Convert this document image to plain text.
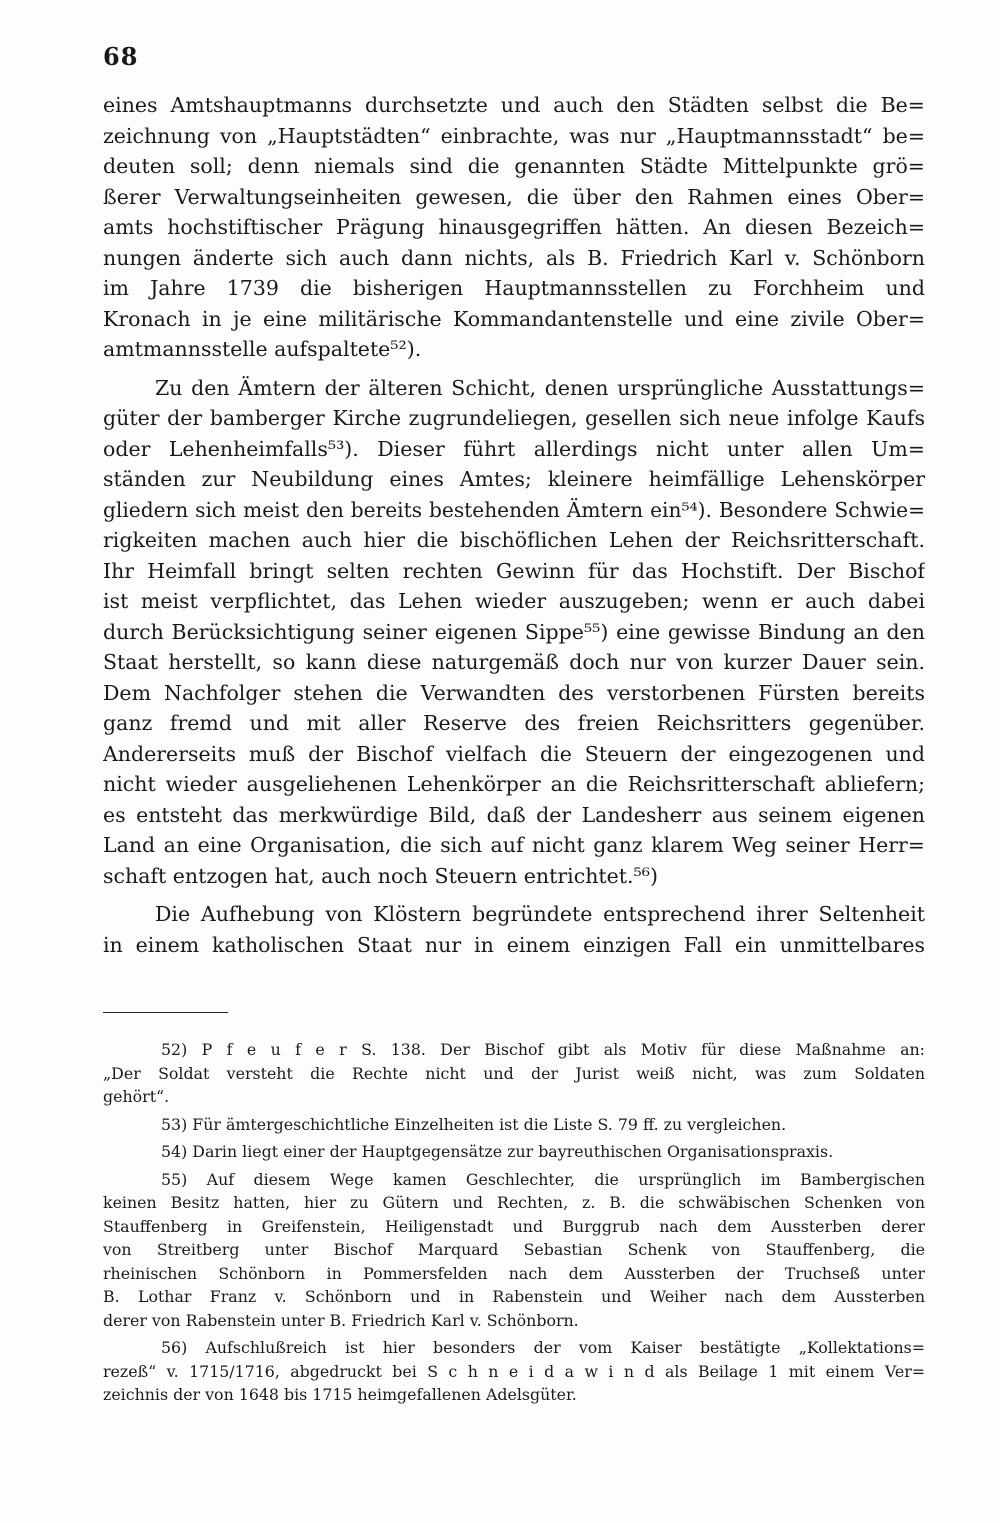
68
eines Amtshauptmanns durchsetzte und auch den Städten selbst die Be=
zeichnung von „Hauptstädten“ einbrachte, was nur „Hauptmannsstadt“ be=
deuten soll; denn niemals sind die genannten Städte Mittelpunkte grö=
ßerer Verwaltungseinheiten gewesen, die über den Rahmen eines Ober=
amts hochstiftischer Prägung hinausgegriffen hätten. An diesen Bezeich=
nungen änderte sich auch dann nichts, als B. Friedrich Karl v. Schönborn
im Jahre 1739 die bisherigen Hauptmannsstellen zu Forchheim und
Kronach in je eine militärische Kommandantenstelle und eine zivile Ober=
amtmannsstelle aufspaltete⁵²).
Zu den Ämtern der älteren Schicht, denen ursprüngliche Ausstattungs=
güter der bamberger Kirche zugrundeliegen, gesellen sich neue infolge Kaufs
oder Lehenheimfalls⁵³). Dieser führt allerdings nicht unter allen Um=
ständen zur Neubildung eines Amtes; kleinere heimfällige Lehenskörper
gliedern sich meist den bereits bestehenden Ämtern ein⁵⁴). Besondere Schwie=
rigkeiten machen auch hier die bischöflichen Lehen der Reichsritterschaft.
Ihr Heimfall bringt selten rechten Gewinn für das Hochstift. Der Bischof
ist meist verpflichtet, das Lehen wieder auszugeben; wenn er auch dabei
durch Berücksichtigung seiner eigenen Sippe⁵⁵) eine gewisse Bindung an den
Staat herstellt, so kann diese naturgemäß doch nur von kurzer Dauer sein.
Dem Nachfolger stehen die Verwandten des verstorbenen Fürsten bereits
ganz fremd und mit aller Reserve des freien Reichsritters gegenüber.
Andererseits muß der Bischof vielfach die Steuern der eingezogenen und
nicht wieder ausgeliehenen Lehenkörper an die Reichsritterschaft abliefern;
es entsteht das merkwürdige Bild, daß der Landesherr aus seinem eigenen
Land an eine Organisation, die sich auf nicht ganz klarem Weg seiner Herr=
schaft entzogen hat, auch noch Steuern entrichtet.⁵⁶)
Die Aufhebung von Klöstern begründete entsprechend ihrer Seltenheit
in einem katholischen Staat nur in einem einzigen Fall ein unmittelbares
52) P f e u f e r S. 138. Der Bischof gibt als Motiv für diese Maßnahme an:
„Der Soldat versteht die Rechte nicht und der Jurist weiß nicht, was zum Soldaten
gehört“.
53) Für ämtergeschichtliche Einzelheiten ist die Liste S. 79 ff. zu vergleichen.
54) Darin liegt einer der Hauptgegensätze zur bayreuthischen Organisationspraxis.
55) Auf diesem Wege kamen Geschlechter, die ursprünglich im Bambergischen
keinen Besitz hatten, hier zu Gütern und Rechten, z. B. die schwäbischen Schenken von
Stauffenberg in Greifenstein, Heiligenstadt und Burggrub nach dem Aussterben derer
von Streitberg unter Bischof Marquard Sebastian Schenk von Stauffenberg, die
rheinischen Schönborn in Pommersfelden nach dem Aussterben der Truchseß unter
B. Lothar Franz v. Schönborn und in Rabenstein und Weiher nach dem Aussterben
derer von Rabenstein unter B. Friedrich Karl v. Schönborn.
56) Aufschlußreich ist hier besonders der vom Kaiser bestätigte „Kollektations=
rezeß“ v. 1715/1716, abgedruckt bei S c h n e i d a w i n d als Beilage 1 mit einem Ver=
zeichnis der von 1648 bis 1715 heimgefallenen Adelsgüter.
